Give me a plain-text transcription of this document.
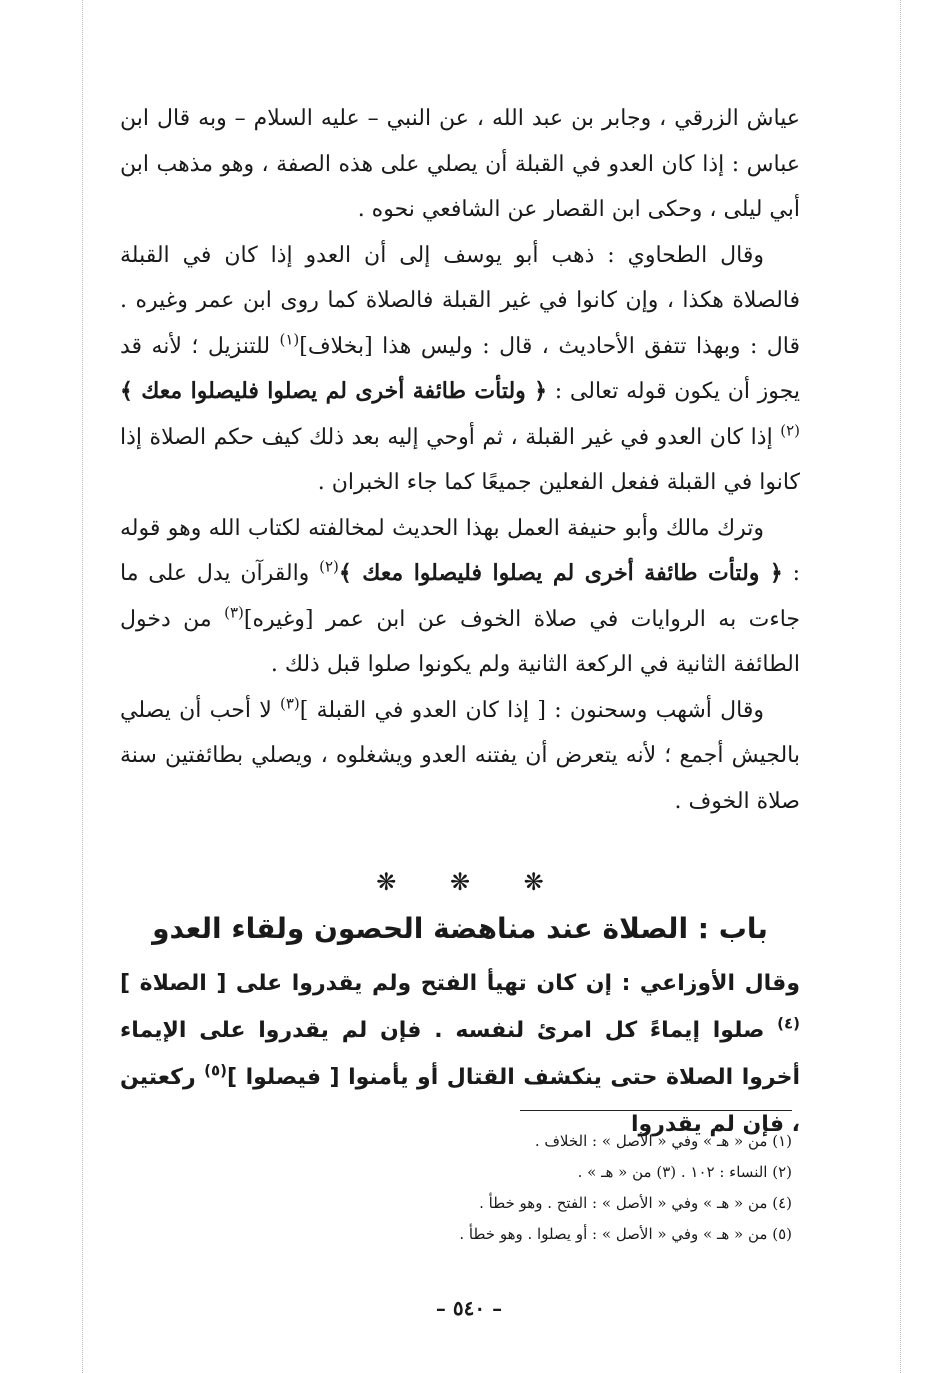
عياش الزرقي ، وجابر بن عبد الله ، عن النبي – عليه السلام – وبه قال ابن عباس : إذا كان العدو في القبلة أن يصلي على هذه الصفة ، وهو مذهب ابن أبي ليلى ، وحكى ابن القصار عن الشافعي نحوه .

وقال الطحاوي : ذهب أبو يوسف إلى أن العدو إذا كان في القبلة فالصلاة هكذا ، وإن كانوا في غير القبلة فالصلاة كما روى ابن عمر وغيره . قال : وبهذا تتفق الأحاديث ، قال : وليس هذا [بخلاف]$^{(١)}$ للتنزيل ؛ لأنه قد يجوز أن يكون قوله تعالى : ﴿ ولتأت طائفة أخرى لم يصلوا فليصلوا معك ﴾$^{(٢)}$ إذا كان العدو في غير القبلة ، ثم أوحي إليه بعد ذلك كيف حكم الصلاة إذا كانوا في القبلة ففعل الفعلين جميعًا كما جاء الخبران .

وترك مالك وأبو حنيفة العمل بهذا الحديث لمخالفته لكتاب الله وهو قوله : ﴿ ولتأت طائفة أخرى لم يصلوا فليصلوا معك ﴾$^{(٢)}$ والقرآن يدل على ما جاءت به الروايات في صلاة الخوف عن ابن عمر [وغيره]$^{(٣)}$ من دخول الطائفة الثانية في الركعة الثانية ولم يكونوا صلوا قبل ذلك .

وقال أشهب وسحنون : [ إذا كان العدو في القبلة ]$^{(٣)}$ لا أحب أن يصلي بالجيش أجمع ؛ لأنه يتعرض أن يفتنه العدو ويشغلوه ، ويصلي بطائفتين سنة صلاة الخوف .

❋ ❋ ❋
باب : الصلاة عند مناهضة الحصون ولقاء العدو
وقال الأوزاعي : إن كان تهيأ الفتح ولم يقدروا على [ الصلاة ]$^{(٤)}$ صلوا إيماءً كل امرئ لنفسه . فإن لم يقدروا على الإيماء أخروا الصلاة حتى ينكشف القتال أو يأمنوا [ فيصلوا ]$^{(٥)}$ ركعتين ، فإن لم يقدروا

(١) من « هـ » وفي « الأصل » : الخلاف .

(٢) النساء : ١٠٢ . (٣) من « هـ » .

(٤) من « هـ » وفي « الأصل » : الفتح . وهو خطأ .

(٥) من « هـ » وفي « الأصل » : أو يصلوا . وهو خطأ .

– ٥٤٠ –
